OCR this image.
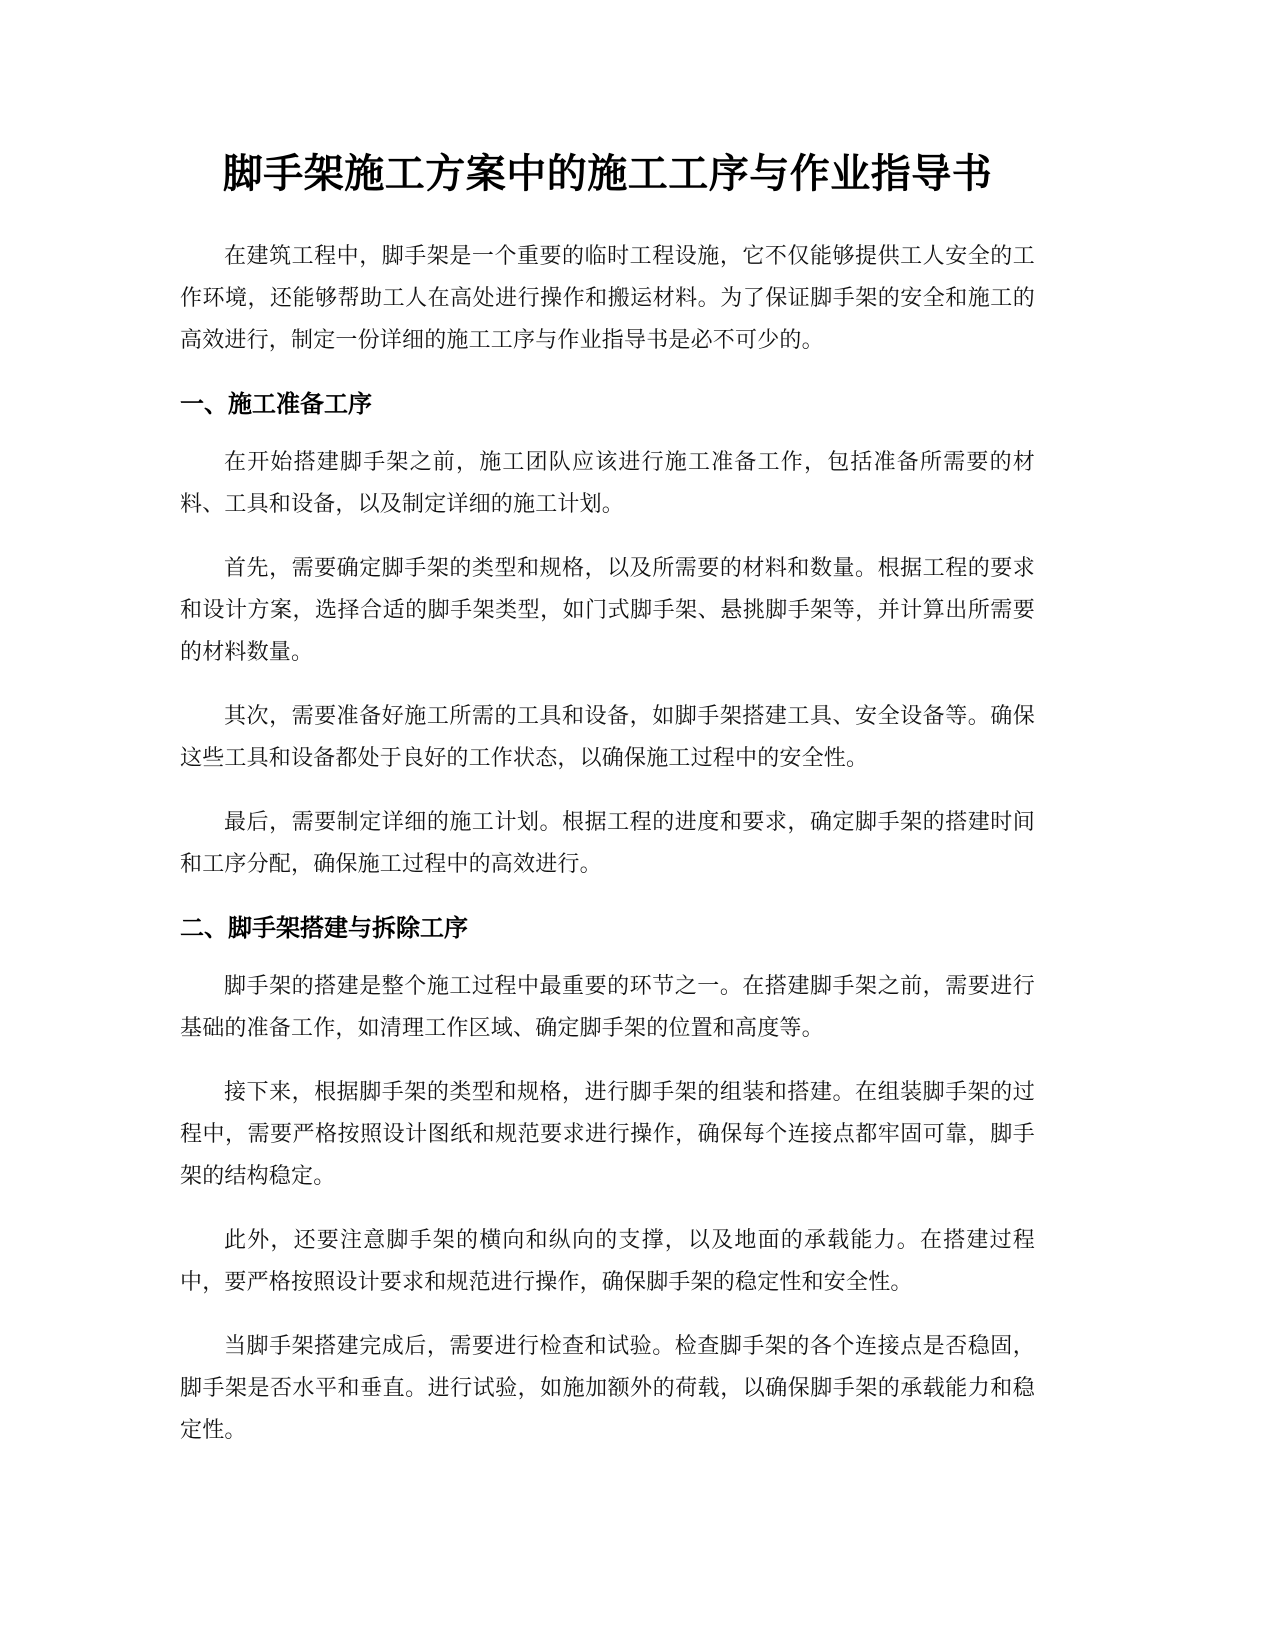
脚手架施工方案中的施工工序与作业指导书

在建筑工程中，脚手架是一个重要的临时工程设施，它不仅能够提供工人安全的工作环境，还能够帮助工人在高处进行操作和搬运材料。为了保证脚手架的安全和施工的高效进行，制定一份详细的施工工序与作业指导书是必不可少的。

一、施工准备工序

在开始搭建脚手架之前，施工团队应该进行施工准备工作，包括准备所需要的材料、工具和设备，以及制定详细的施工计划。

首先，需要确定脚手架的类型和规格，以及所需要的材料和数量。根据工程的要求和设计方案，选择合适的脚手架类型，如门式脚手架、悬挑脚手架等，并计算出所需要的材料数量。

其次，需要准备好施工所需的工具和设备，如脚手架搭建工具、安全设备等。确保这些工具和设备都处于良好的工作状态，以确保施工过程中的安全性。

最后，需要制定详细的施工计划。根据工程的进度和要求，确定脚手架的搭建时间和工序分配，确保施工过程中的高效进行。

二、脚手架搭建与拆除工序

脚手架的搭建是整个施工过程中最重要的环节之一。在搭建脚手架之前，需要进行基础的准备工作，如清理工作区域、确定脚手架的位置和高度等。

接下来，根据脚手架的类型和规格，进行脚手架的组装和搭建。在组装脚手架的过程中，需要严格按照设计图纸和规范要求进行操作，确保每个连接点都牢固可靠，脚手架的结构稳定。

此外，还要注意脚手架的横向和纵向的支撑，以及地面的承载能力。在搭建过程中，要严格按照设计要求和规范进行操作，确保脚手架的稳定性和安全性。

当脚手架搭建完成后，需要进行检查和试验。检查脚手架的各个连接点是否稳固，脚手架是否水平和垂直。进行试验，如施加额外的荷载，以确保脚手架的承载能力和稳定性。
